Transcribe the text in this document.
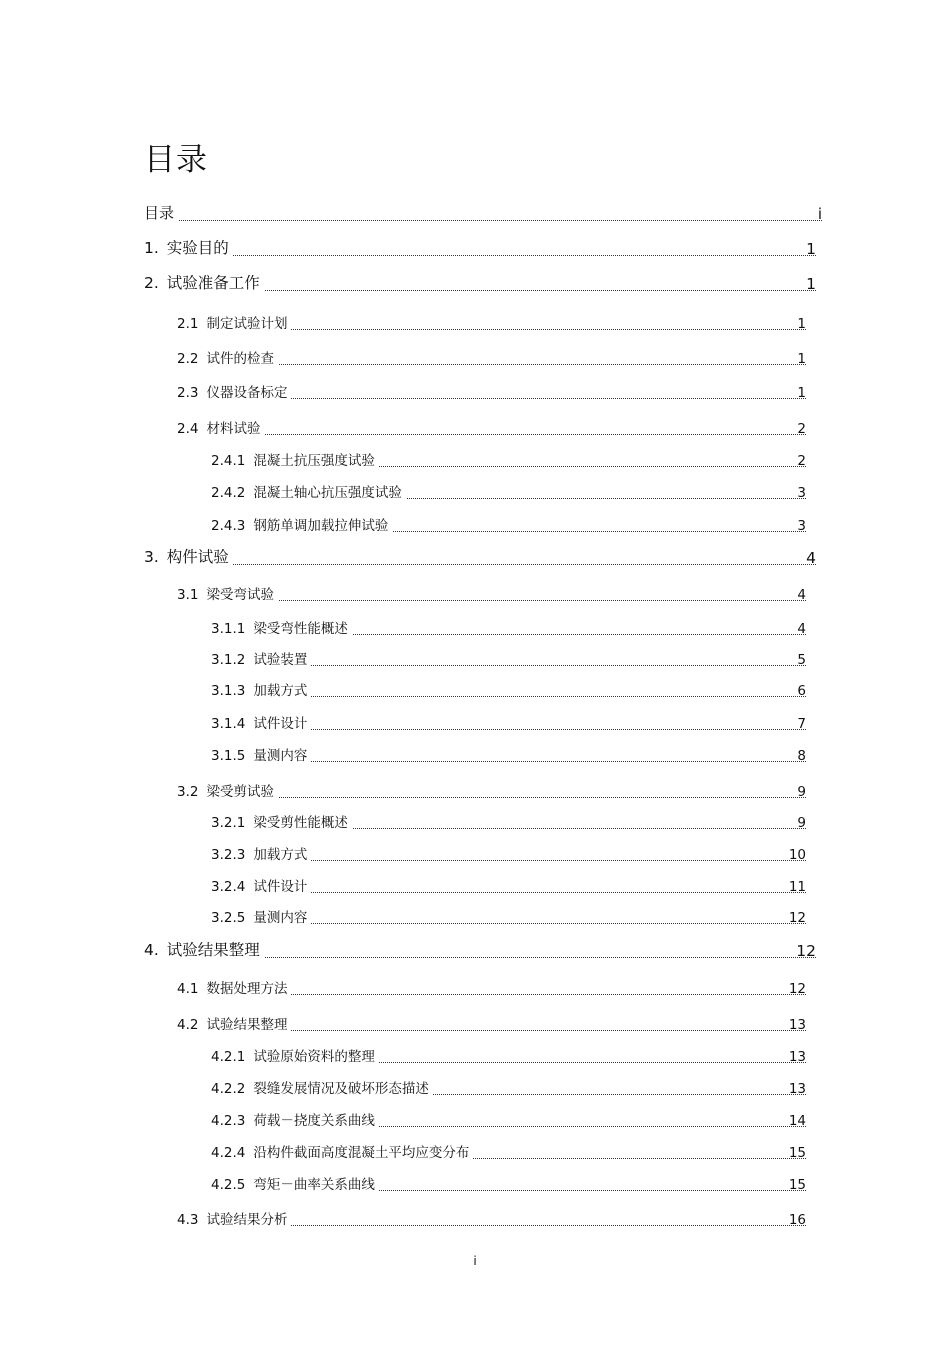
目录
目录	i
1. 实验目的	1
2. 试验准备工作	1
2.1 制定试验计划	1
2.2 试件的检查	1
2.3 仪器设备标定	1
2.4 材料试验	2
2.4.1 混凝土抗压强度试验	2
2.4.2 混凝土轴心抗压强度试验	3
2.4.3 钢筋单调加载拉伸试验	3
3. 构件试验	4
3.1 梁受弯试验	4
3.1.1 梁受弯性能概述	4
3.1.2 试验装置	5
3.1.3 加载方式	6
3.1.4 试件设计	7
3.1.5 量测内容	8
3.2 梁受剪试验	9
3.2.1 梁受剪性能概述	9
3.2.3 加载方式	10
3.2.4 试件设计	11
3.2.5 量测内容	12
4. 试验结果整理	12
4.1 数据处理方法	12
4.2 试验结果整理	13
4.2.1 试验原始资料的整理	13
4.2.2 裂缝发展情况及破坏形态描述	13
4.2.3 荷载－挠度关系曲线	14
4.2.4 沿构件截面高度混凝土平均应变分布	15
4.2.5 弯矩－曲率关系曲线	15
4.3 试验结果分析	16
i
